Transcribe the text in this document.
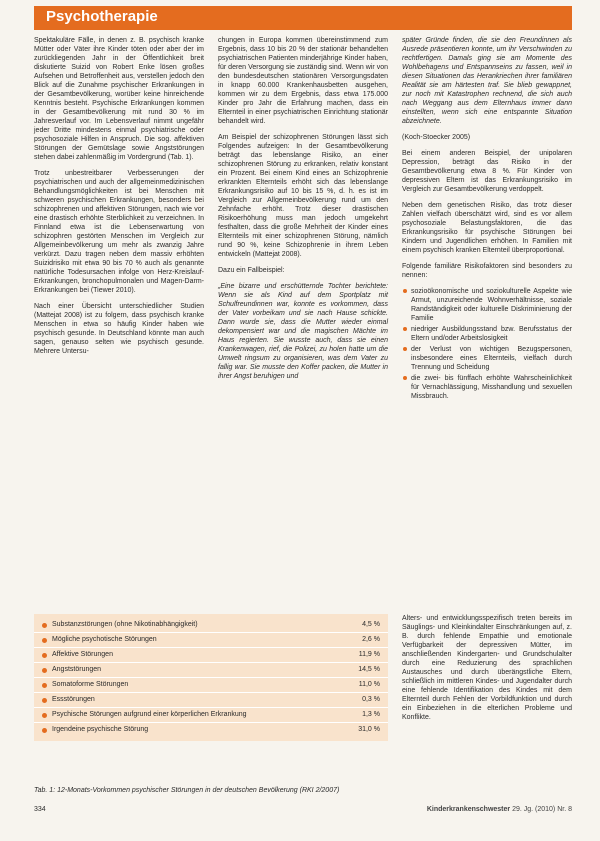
Psychotherapie

Spektakuläre Fälle, in denen z. B. psychisch kranke Mütter oder Väter ihre Kinder töten oder aber der im zurückliegenden Jahr in der Öffentlichkeit breit diskutierte Suizid von Robert Enke lösen großes Aufsehen und Betroffenheit aus, verstellen jedoch den Blick auf die Zunahme psychischer Erkrankungen in der Gesamtbevölkerung, worüber keine hinreichende Kenntnis besteht. Psychische Erkrankungen kommen in der Gesamtbevölkerung mit rund 30 % im Jahresverlauf vor. Im Lebensverlauf nimmt ungefähr jeder Dritte mindestens einmal psychiatrische oder psychosoziale Hilfen in Anspruch. Die sog. affektiven Störungen der Gemütslage sowie Angststörungen stehen dabei zahlenmäßig im Vordergrund (Tab. 1).

Trotz unbestreitbarer Verbesserungen der psychiatrischen und auch der allgemeinmedizinischen Behandlungsmöglichkeiten ist bei Menschen mit schweren psychischen Erkrankungen, besonders bei schizophrenen und affektiven Störungen, nach wie vor eine drastisch erhöhte Sterblichkeit zu verzeichnen. In Finnland etwa ist die Lebenserwartung von schizophren gestörten Menschen im Vergleich zur Allgemeinbevölkerung um mehr als zwanzig Jahre verkürzt. Dazu tragen neben dem massiv erhöhten Suizidrisiko mit etwa 90 bis 70 % auch als genannte natürliche Todesursachen infolge von Herz-Kreislauf-Erkrankungen, bronchopulmonalen und Magen-Darm-Erkrankungen bei (Tiewer 2010).

Nach einer Übersicht unterschiedlicher Studien (Mattejat 2008) ist zu folgern, dass psychisch kranke Menschen in etwa so häufig Kinder haben wie psychisch gesunde. In Deutschland könnte man auch sagen, genauso selten wie psychisch gesunde. Mehrere Untersu-

chungen in Europa kommen übereinstimmend zum Ergebnis, dass 10 bis 20 % der stationär behandelten psychiatrischen Patienten minderjährige Kinder haben, für deren Versorgung sie zuständig sind. Wenn wir von den bundesdeutschen stationären Versorgungsdaten in knapp 60.000 Krankenhausbetten ausgehen, kommen wir zu dem Ergebnis, dass etwa 175.000 Kinder pro Jahr die Erfahrung machen, dass ein Elternteil in einer psychiatrischen Einrichtung stationär behandelt wird.

Am Beispiel der schizophrenen Störungen lässt sich Folgendes aufzeigen: In der Gesamtbevölkerung beträgt das lebenslange Risiko, an einer schizophrenen Störung zu erkranken, relativ konstant ein Prozent. Bei einem Kind eines an Schizophrenie erkrankten Elternteils erhöht sich das lebenslange Erkrankungsrisiko auf 10 bis 15 %, d. h. es ist im Vergleich zur Allgemeinbevölkerung rund um den Zehnfache erhöht. Trotz dieser drastischen Risikoerhöhung muss man jedoch umgekehrt festhalten, dass die große Mehrheit der Kinder eines Elternteils mit einer schizophrenen Störung, nämlich rund 90 %, keine Schizophrenie in ihrem Leben entwickeln (Mattejat 2008).

Dazu ein Fallbeispiel:

„Eine bizarre und erschütternde Tochter berichtete: Wenn sie als Kind auf dem Sportplatz mit Schulfreundinnen war, konnte es vorkommen, dass der Vater vorbeikam und sie nach Hause schickte. Dann wurde sie, dass die Mutter wieder einmal dekompensiert war und die magischen Mächte im Haus regierten. Sie wusste auch, dass sie einen Krankenwagen, rief, die Polizei, zu holen hatte um die Umwelt ringsum zu organisieren, was dem Vater zu fallig war. Sie musste den Koffer packen, die Mutter in ihrer Angst beruhigen und

später Gründe finden, die sie den Freundinnen als Ausrede präsentieren konnte, um ihr Verschwinden zu rechtfertigen. Damals ging sie am Momente des Wohlbehagens und Entspannseins zu fassen, weil in diesen Situationen das Herankriechen ihrer familiären Realität sie am härtesten traf. Sie blieb gewappnet, zur noch mit Katastrophen rechnend, die sich auch nach Weggang aus dem Elternhaus immer dann einstellten, wenn sich eine entspannte Situation abzeichnete.

(Koch-Stoecker 2005)

Bei einem anderen Beispiel, der unipolaren Depression, beträgt das Risiko in der Gesamtbevölkerung etwa 8 %. Für Kinder von depressiven Eltern ist das Erkrankungsrisiko im Vergleich zur Gesamtbevölkerung verdoppelt.

Neben dem genetischen Risiko, das trotz dieser Zahlen vielfach überschätzt wird, sind es vor allem psychosoziale Belastungsfaktoren, die das Erkrankungsrisiko für psychische Störungen bei Kindern und Jugendlichen erhöhen. In Familien mit einem psychisch kranken Elternteil überproportional.

Folgende familiäre Risikofaktoren sind besonders zu nennen:

sozioökonomische und soziokulturelle Aspekte wie Armut, unzureichende Wohnverhältnisse, soziale Randständigkeit oder kulturelle Diskriminierung der Familie
niedriger Ausbildungsstand bzw. Berufsstatus der Eltern und/oder Arbeitslosigkeit
der Verlust von wichtigen Bezugspersonen, insbesondere eines Elternteils, vielfach durch Trennung und Scheidung
die zwei- bis fünffach erhöhte Wahrscheinlichkeit für Vernachlässigung, Misshandlung und sexuellen Missbrauch.
Substanzstörungen (ohne Nikotinabhängigkeit)	4,5 %
Mögliche psychotische Störungen	2,6 %
Affektive Störungen	11,9 %
Angststörungen	14,5 %
Somatoforme Störungen	11,0 %
Essstörungen	0,3 %
Psychische Störungen aufgrund einer körperlichen Erkrankung	1,3 %
Irgendeine psychische Störung	31,0 %
Tab. 1: 12-Monats-Vorkommen psychischer Störungen in der deutschen Bevölkerung (RKI 2/2007)

Alters- und entwicklungsspezifisch treten bereits im Säuglings- und Kleinkindalter Einschränkungen auf, z. B. durch fehlende Empathie und emotionale Verfügbarkeit der depressiven Mütter, im anschließenden Kindergarten- und Grundschulalter durch eine Reduzierung des sprachlichen Austausches und durch überängstliche Eltern, schließlich im mittleren Kindes- und Jugendalter durch eine fehlende Identifikation des Kindes mit dem Elternteil durch Fehlen der Vorbildfunktion und durch ein Einbeziehen in die elterlichen Probleme und Konflikte.

334	Kinderkrankenschwester 29. Jg. (2010) Nr. 8
